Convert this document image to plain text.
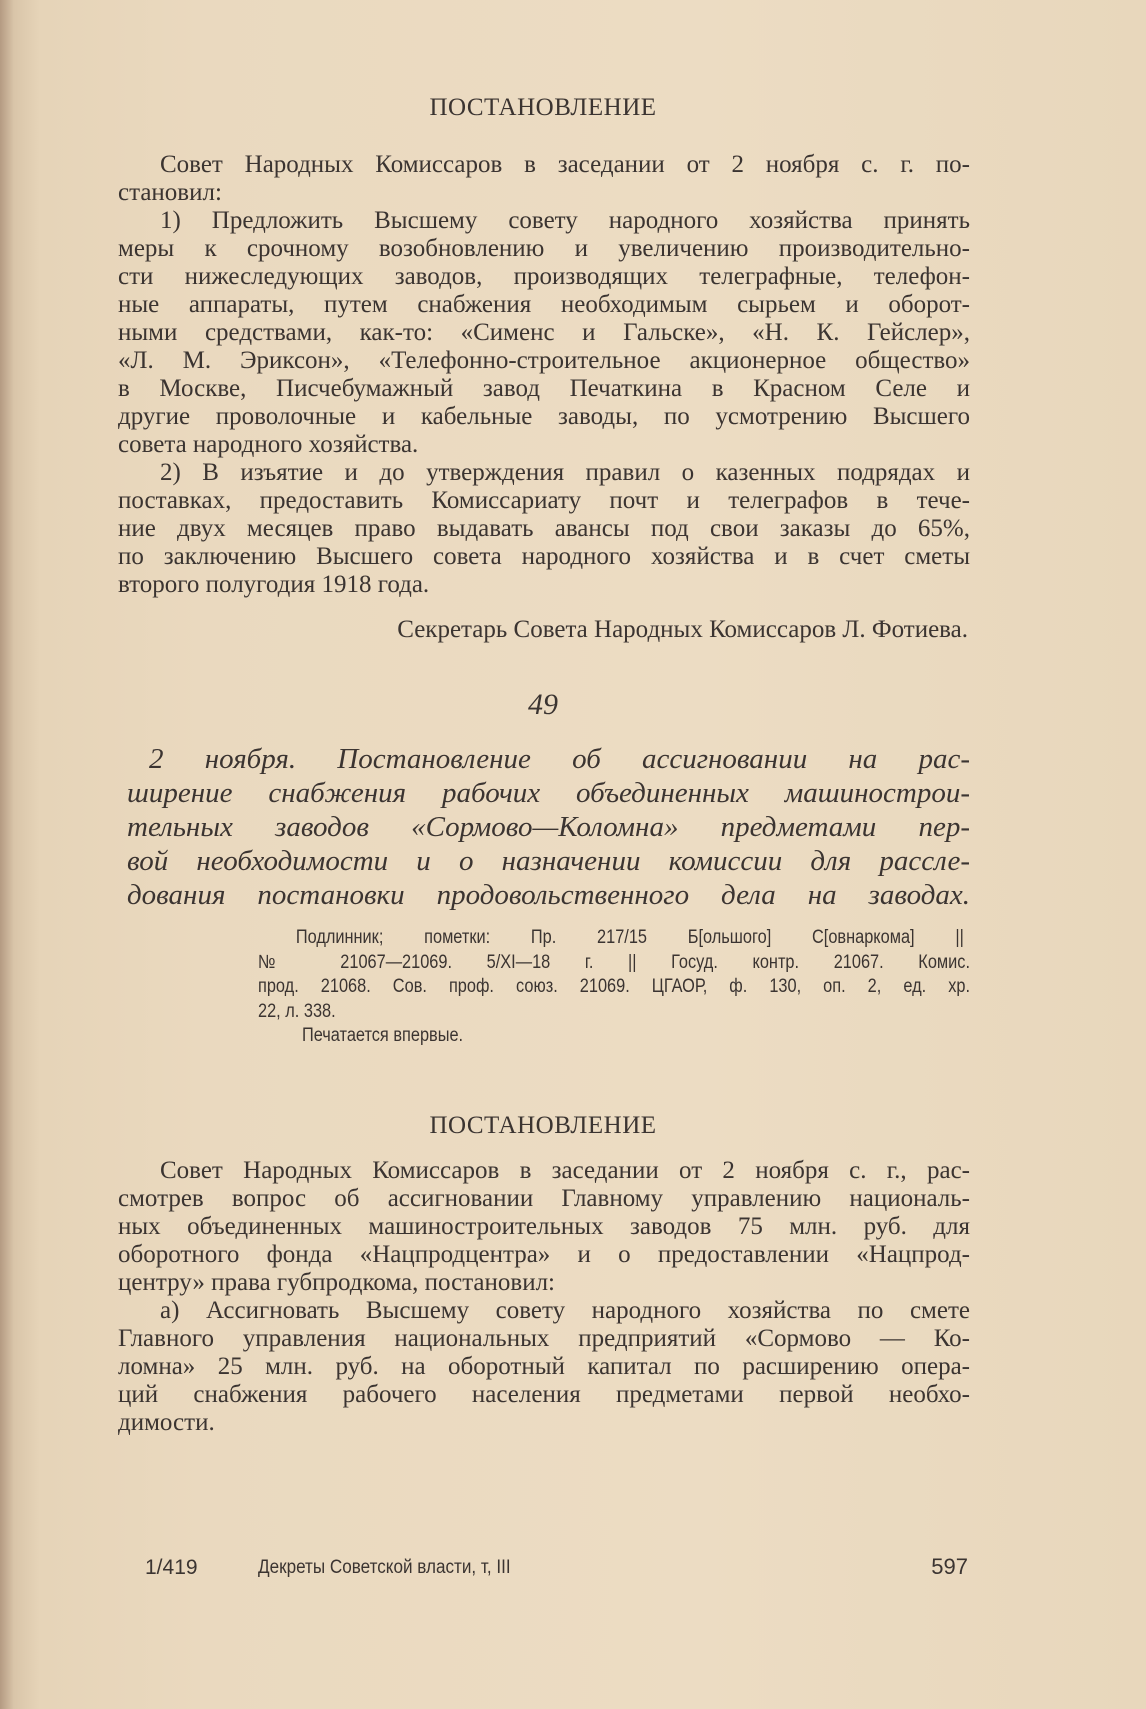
ПОСТАНОВЛЕНИЕ
Совет Народных Комиссаров в заседании от 2 ноября с. г. по-
становил:
1) Предложить Высшему совету народного хозяйства принять
меры к срочному возобновлению и увеличению производительно-
сти нижеследующих заводов, производящих телеграфные, телефон-
ные аппараты, путем снабжения необходимым сырьем и оборот-
ными средствами, как-то: «Сименс и Гальске», «Н. К. Гейслер»,
«Л. М. Эриксон», «Телефонно-строительное акционерное общество»
в Москве, Писчебумажный завод Печаткина в Красном Селе и
другие проволочные и кабельные заводы, по усмотрению Высшего
совета народного хозяйства.
2) В изъятие и до утверждения правил о казенных подрядах и
поставках, предоставить Комиссариату почт и телеграфов в тече-
ние двух месяцев право выдавать авансы под свои заказы до 65%,
по заключению Высшего совета народного хозяйства и в счет сметы
второго полугодия 1918 года.
Секретарь Совета Народных Комиссаров Л. Фотиева.
49
2 ноября. Постановление об ассигновании на рас-
ширение снабжения рабочих объединенных машинострои-
тельных заводов «Сормово—Коломна» предметами пер-
вой необходимости и о назначении комиссии для рассле-
дования постановки продовольственного дела на заводах.
Подлинник; пометки: Пр. 217/15 Б[ольшого] С[овнаркома] ||
№ 21067—21069. 5/XI—18 г. || Госуд. контр. 21067. Комис.
прод. 21068. Сов. проф. союз. 21069. ЦГАОР, ф. 130, оп. 2, ед. хр.
22, л. 338.
Печатается впервые.
ПОСТАНОВЛЕНИЕ
Совет Народных Комиссаров в заседании от 2 ноября с. г., рас-
смотрев вопрос об ассигновании Главному управлению националь-
ных объединенных машиностроительных заводов 75 млн. руб. для
оборотного фонда «Нацпродцентра» и о предоставлении «Нацпрод-
центру» права губпродкома, постановил:
а) Ассигновать Высшему совету народного хозяйства по смете
Главного управления национальных предприятий «Сормово — Ко-
ломна» 25 млн. руб. на оборотный капитал по расширению опера-
ций снабжения рабочего населения предметами первой необхо-
димости.
1/419	Декреты Советской власти, т, III	597
